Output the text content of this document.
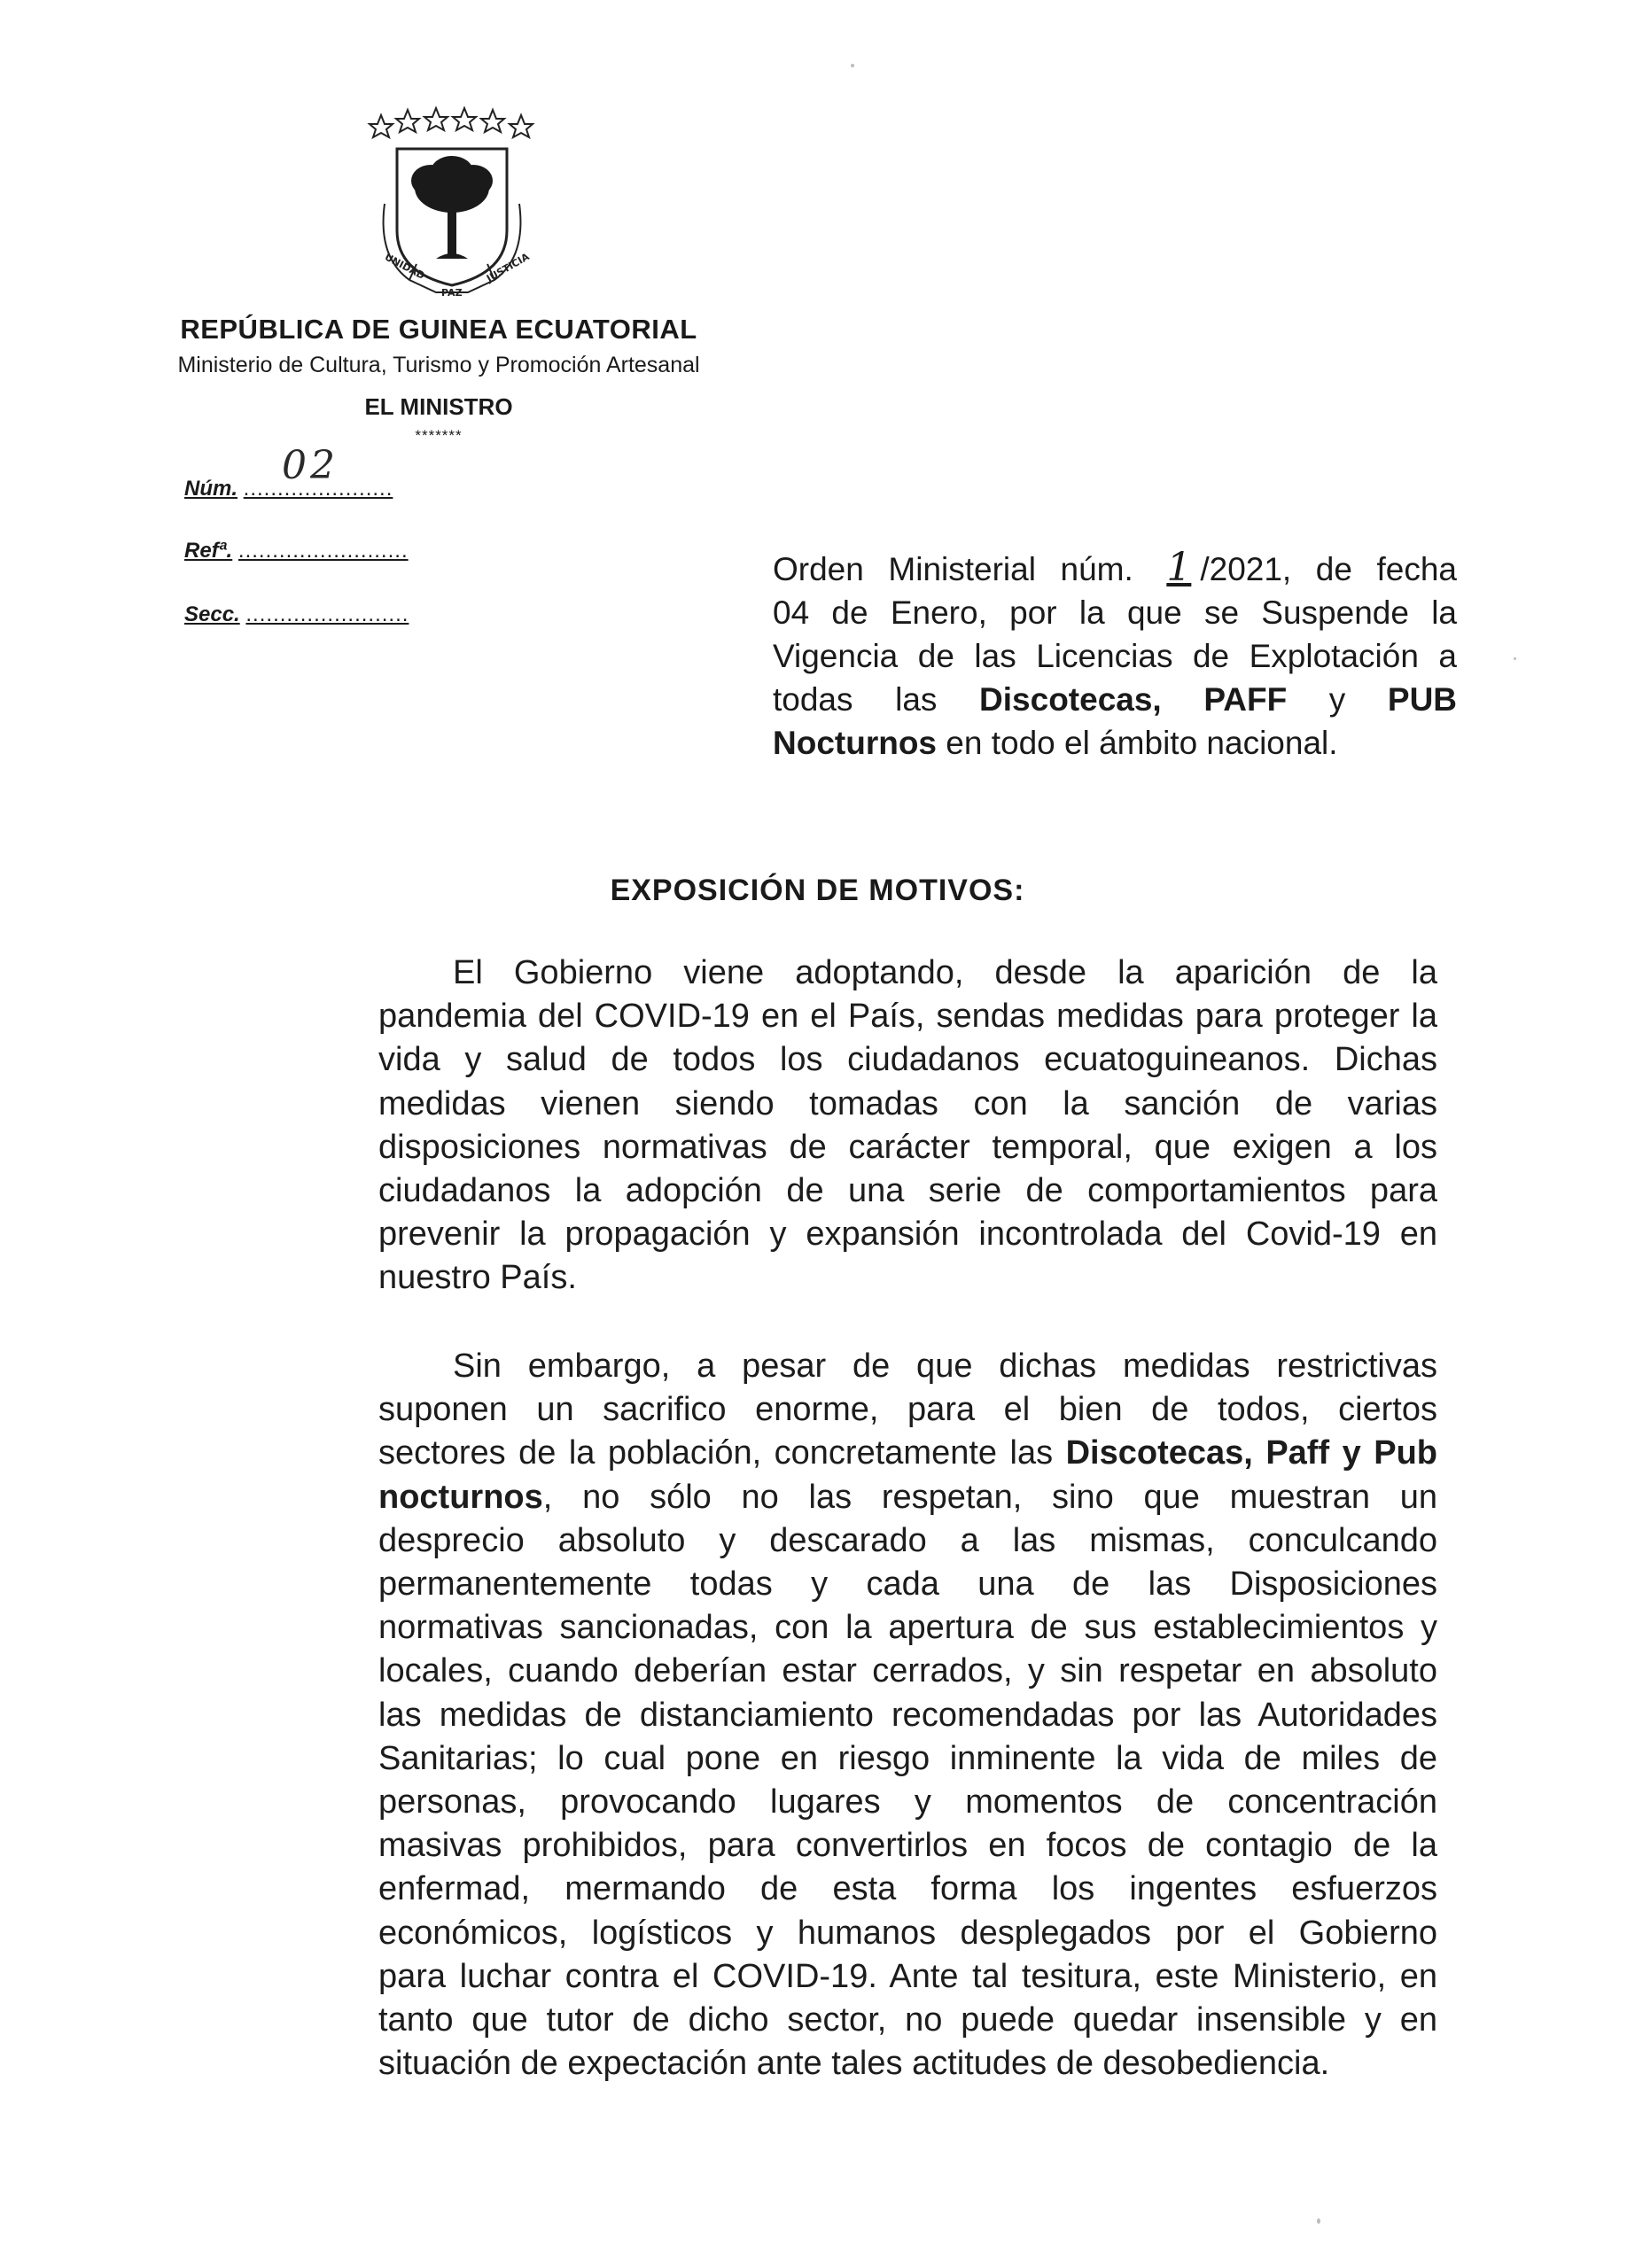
UNIDAD
PAZ
JUSTICIA
REPÚBLICA DE GUINEA ECUATORIAL
Ministerio de Cultura, Turismo y Promoción Artesanal
EL MINISTRO
*******
Núm. ......................
02
Refª. .........................
Secc. ........................
Orden Ministerial núm. 1 /2021, de fecha
04 de Enero, por la que se Suspende la
Vigencia de las Licencias de Explotación a
todas las Discotecas, PAFF y PUB
Nocturnos en todo el ámbito nacional.
EXPOSICIÓN DE MOTIVOS:
El Gobierno viene adoptando, desde la aparición de la
pandemia del COVID-19 en el País, sendas medidas para proteger la
vida y salud de todos los ciudadanos ecuatoguineanos. Dichas
medidas vienen siendo tomadas con la sanción de varias
disposiciones normativas de carácter temporal, que exigen a los
ciudadanos la adopción de una serie de comportamientos para
prevenir la propagación y expansión incontrolada del Covid-19 en
nuestro País.
Sin embargo, a pesar de que dichas medidas restrictivas
suponen un sacrifico enorme, para el bien de todos, ciertos
sectores de la población, concretamente las Discotecas, Paff y Pub
nocturnos, no sólo no las respetan, sino que muestran un
desprecio absoluto y descarado a las mismas, conculcando
permanentemente todas y cada una de las Disposiciones
normativas sancionadas, con la apertura de sus establecimientos y
locales, cuando deberían estar cerrados, y sin respetar en absoluto
las medidas de distanciamiento recomendadas por las Autoridades
Sanitarias; lo cual pone en riesgo inminente la vida de miles de
personas, provocando lugares y momentos de concentración
masivas prohibidos, para convertirlos en focos de contagio de la
enfermad, mermando de esta forma los ingentes esfuerzos
económicos, logísticos y humanos desplegados por el Gobierno
para luchar contra el COVID-19. Ante tal tesitura, este Ministerio, en
tanto que tutor de dicho sector, no puede quedar insensible y en
situación de expectación ante tales actitudes de desobediencia.
